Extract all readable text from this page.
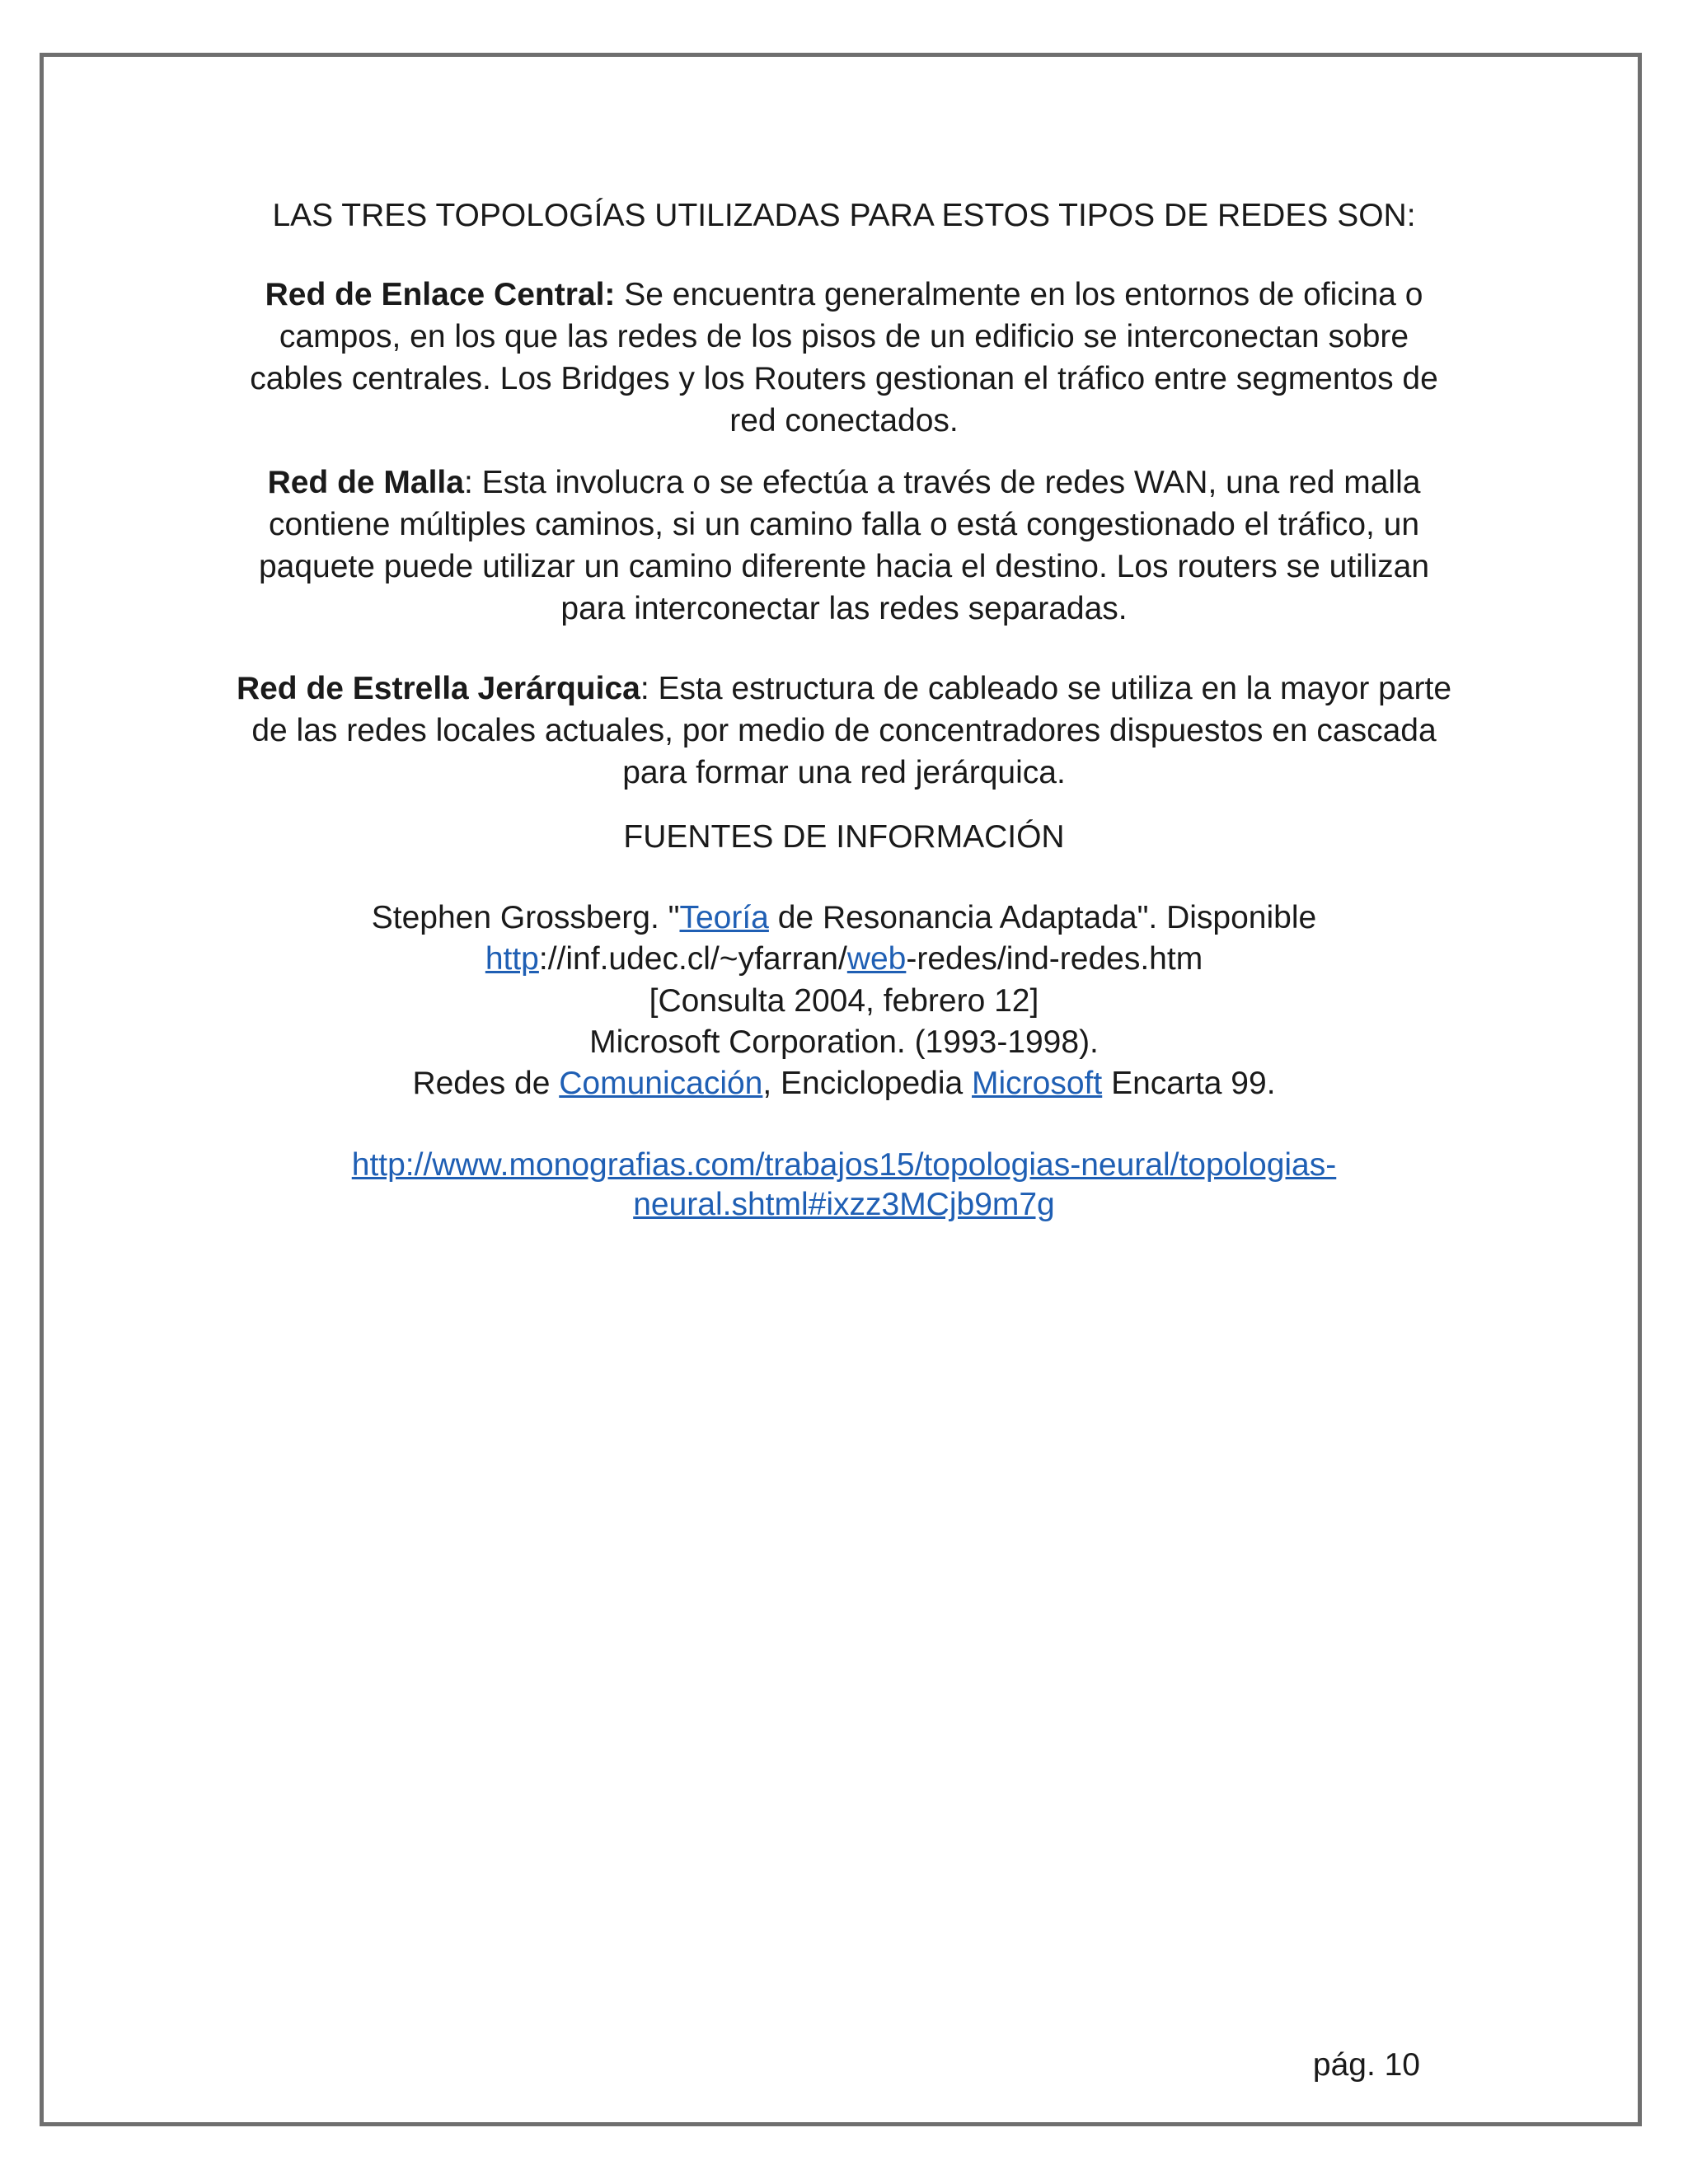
LAS TRES TOPOLOGÍAS UTILIZADAS PARA ESTOS TIPOS DE REDES SON:

Red de Enlace Central: Se encuentra generalmente en los entornos de oficina o campos, en los que las redes de los pisos de un edificio se interconectan sobre cables centrales. Los Bridges y los Routers gestionan el tráfico entre segmentos de red conectados.

Red de Malla: Esta involucra o se efectúa a través de redes WAN, una red malla contiene múltiples caminos, si un camino falla o está congestionado el tráfico, un paquete puede utilizar un camino diferente hacia el destino. Los routers se utilizan para interconectar las redes separadas.

Red de Estrella Jerárquica: Esta estructura de cableado se utiliza en la mayor parte de las redes locales actuales, por medio de concentradores dispuestos en cascada para formar una red jerárquica.

FUENTES DE INFORMACIÓN
Stephen Grossberg. "Teoría de Resonancia Adaptada". Disponible
http://inf.udec.cl/~yfarran/web-redes/ind-redes.htm
[Consulta 2004, febrero 12]
Microsoft Corporation. (1993-1998).
Redes de Comunicación, Enciclopedia Microsoft Encarta 99.
http://www.monografias.com/trabajos15/topologias-neural/topologias-
neural.shtml#ixzz3MCjb9m7g
pág. 10
